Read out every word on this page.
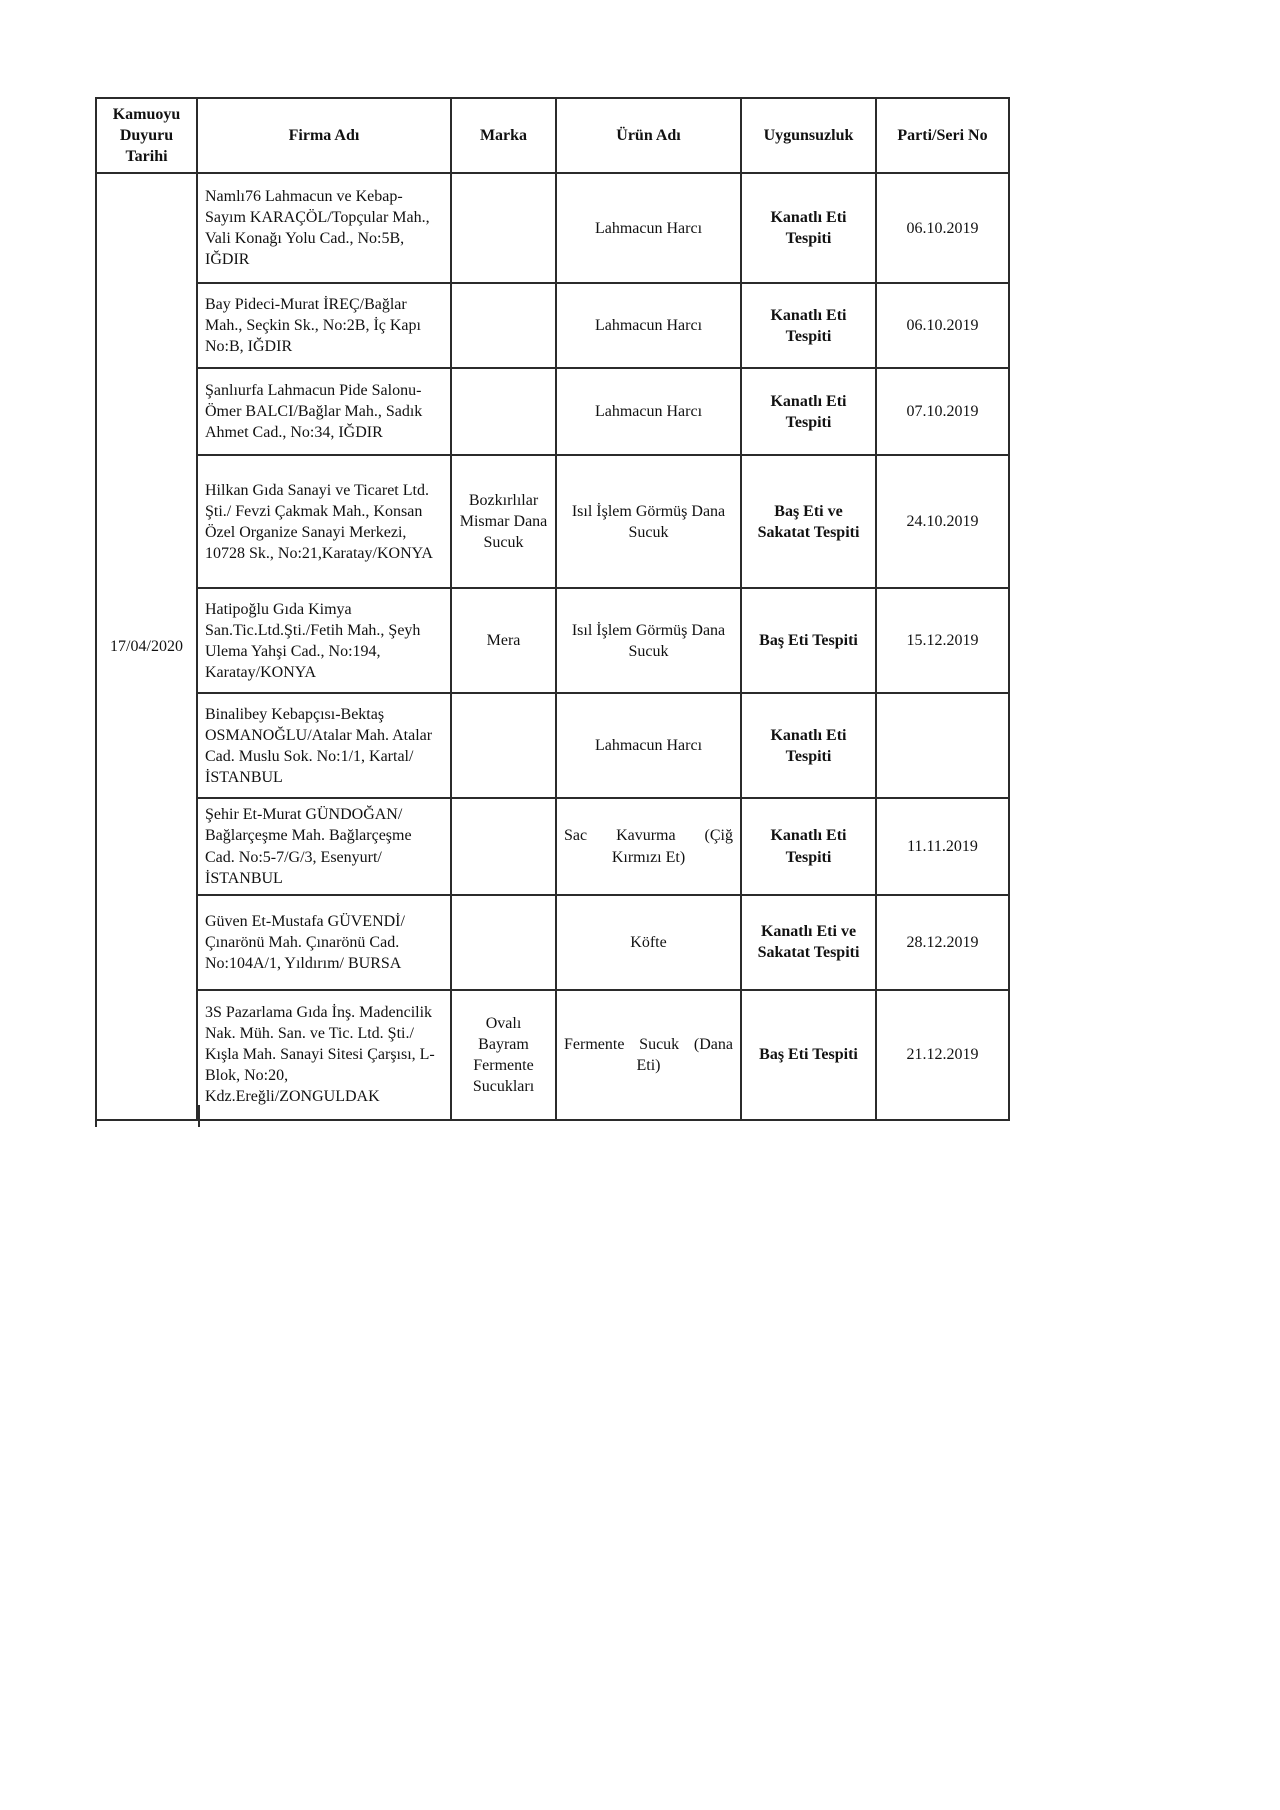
Kamuoyu Duyuru Tarihi	Firma Adı	Marka	Ürün Adı	Uygunsuzluk	Parti/Seri No
17/04/2020	Namlı76 Lahmacun ve Kebap-Sayım KARAÇÖL/Topçular Mah., Vali Konağı Yolu Cad., No:5B, IĞDIR		Lahmacun Harcı	Kanatlı Eti Tespiti	06.10.2019
	Bay Pideci-Murat İREÇ/Bağlar Mah., Seçkin Sk., No:2B, İç Kapı No:B, IĞDIR		Lahmacun Harcı	Kanatlı Eti Tespiti	06.10.2019
	Şanlıurfa Lahmacun Pide Salonu-Ömer BALCI/Bağlar Mah., Sadık Ahmet Cad., No:34, IĞDIR		Lahmacun Harcı	Kanatlı Eti Tespiti	07.10.2019
	Hilkan Gıda Sanayi ve Ticaret Ltd. Şti./ Fevzi Çakmak Mah., Konsan Özel Organize Sanayi Merkezi, 10728 Sk., No:21,Karatay/KONYA	Bozkırlılar Mismar Dana Sucuk	Isıl İşlem Görmüş Dana Sucuk	Baş Eti ve Sakatat Tespiti	24.10.2019
	Hatipoğlu Gıda Kimya San.Tic.Ltd.Şti./Fetih Mah., Şeyh Ulema Yahşi Cad., No:194, Karatay/KONYA	Mera	Isıl İşlem Görmüş Dana Sucuk	Baş Eti Tespiti	15.12.2019
	Binalibey Kebapçısı-Bektaş OSMANOĞLU/Atalar Mah. Atalar Cad. Muslu Sok. No:1/1, Kartal/İSTANBUL		Lahmacun Harcı	Kanatlı Eti Tespiti	
	Şehir Et-Murat GÜNDOĞAN/ Bağlarçeşme Mah. Bağlarçeşme Cad. No:5-7/G/3, Esenyurt/İSTANBUL		Sac Kavurma (Çiğ Kırmızı Et)	Kanatlı Eti Tespiti	11.11.2019
	Güven Et-Mustafa GÜVENDİ/Çınarönü Mah. Çınarönü Cad. No:104A/1, Yıldırım/ BURSA		Köfte	Kanatlı Eti ve Sakatat Tespiti	28.12.2019
	3S Pazarlama Gıda İnş. Madencilik Nak. Müh. San. ve Tic. Ltd. Şti./ Kışla Mah. Sanayi Sitesi Çarşısı, L-Blok, No:20, Kdz.Ereğli/ZONGULDAK	Ovalı Bayram Fermente Sucukları	Fermente Sucuk (Dana Eti)	Baş Eti Tespiti	21.12.2019
